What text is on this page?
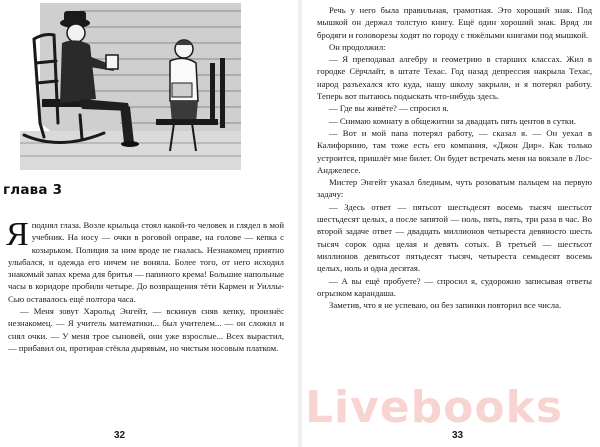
глава 3

Яподнял глаза. Возле крыльца стоял какой-то человек и глядел в мой учебник. На носу — очки в роговой оправе, на голове — кепка с козырьком. Полиция за ним вроде не гналась. Незнакомец приятно улыбался, и одежда его ничем не воняла. Более того, от него исходил знакомый запах крема для бритья — папиного крема! Большие напольные часы в коридоре пробили четыре. До возвращения тёти Кармен и Уиллы-Сью оставалось ещё полтора часа.

— Меня зовут Харольд Энгейт, — вскинув сняв кепку, произнёс незнакомец. — Я учитель математики... был учителем... — он сложил и снял очки. — У меня трое сыновей, они уже взрослые... Всех вырастил, — прибавил он, протирая стёкла дырявым, но чистым носовым платком.

32

Речь у него была правильная, грамотная. Это хороший знак. Под мышкой он держал толстую книгу. Ещё один хороший знак. Вряд ли бродяги и головорезы ходят по городу с тяжёлыми книгами под мышкой.

Он продолжил:

— Я преподавал алгебру и геометрию в старших классах. Жил в городке Сёрчлайт, в штате Техас. Год назад депрессия накрыла Техас, народ разъехался кто куда, нашу школу закрыли, и я потерял работу. Теперь вот пытаюсь подыскать что-нибудь здесь.

— Где вы живёте? — спросил я.

— Снимаю комнату в общежитии за двадцать пять центов в сутки.

— Вот и мой папа потерял работу, — сказал я. — Он уехал в Калифорнию, там тоже есть его компания, «Джон Дир». Как только устроится, пришлёт мне билет. Он будет встречать меня на вокзале в Лос-Анджелесе.

Мистер Энгейт указал бледным, чуть розоватым пальцем на первую задачу:

— Здесь ответ — пятьсот шестьдесят восемь тысяч шестьсот шестьдесят целых, а после запятой — ноль, пять, пять, три раза в час. Во второй задаче ответ — двадцать миллионов четыреста девяносто шесть тысяч сорок одна целая и девять сотых. В третьей — шестьсот миллионов девятьсот пятьдесят тысяч, четыреста семьдесят восемь целых, ноль и одна десятая.

— А вы ещё пробуете? — спросил я, судорожно записывая ответы огрызком карандаша.

Заметив, что я не успеваю, он без запинки повторил все числа.

33
Livebooks
